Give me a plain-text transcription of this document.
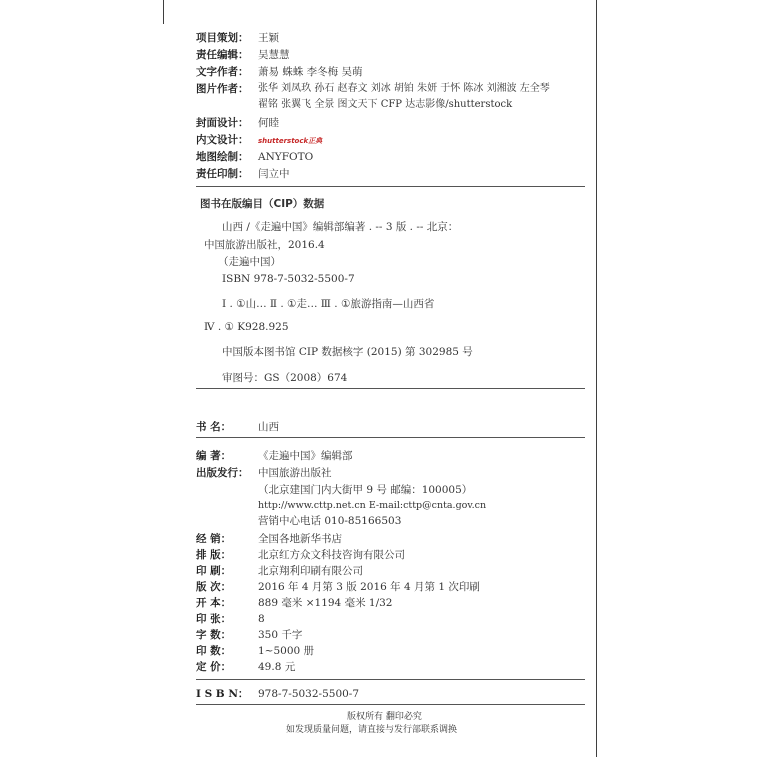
项目策划： 王颖
责任编辑： 吴慧慧
文字作者： 萧易 蛛蛛 李冬梅 吴萌
图片作者： 张华 刘凤玖 孙石 赵春文 刘冰 胡铂 朱妍 于怀 陈冰 刘湘波 左全琴
翟铭 张翼飞 全景 图文天下 CFP 达志影像/shutterstock
封面设计： 何睦
内文设计： shutterstock正典
地图绘制： ANYFOTO
责任印制： 闫立中
图书在版编目（CIP）数据
山西 /《走遍中国》编辑部编著 . -- 3 版 . -- 北京：
中国旅游出版社，2016.4
（走遍中国）
ISBN 978-7-5032-5500-7
Ⅰ . ①山… Ⅱ . ①走… Ⅲ . ①旅游指南—山西省
Ⅳ . ① K928.925
中国版本图书馆 CIP 数据核字 (2015) 第 302985 号
审图号：GS（2008）674
书 名：	山西
编 著：	《走遍中国》编辑部
出版发行： 中国旅游出版社
（北京建国门内大街甲 9 号 邮编：100005）
http://www.cttp.net.cn E-mail:cttp@cnta.gov.cn
营销中心电话 010-85166503
经 销：	全国各地新华书店
排 版：	北京红方众文科技咨询有限公司
印 刷：	北京翔利印刷有限公司
版 次：	2016 年 4 月第 3 版 2016 年 4 月第 1 次印刷
开 本：	889 毫米 ×1194 毫米 1/32
印 张：	8
字 数：	350 千字
印 数：	1~5000 册
定 价：	49.8 元
I S B N： 978-7-5032-5500-7
版权所有 翻印必究
如发现质量问题，请直接与发行部联系调换
